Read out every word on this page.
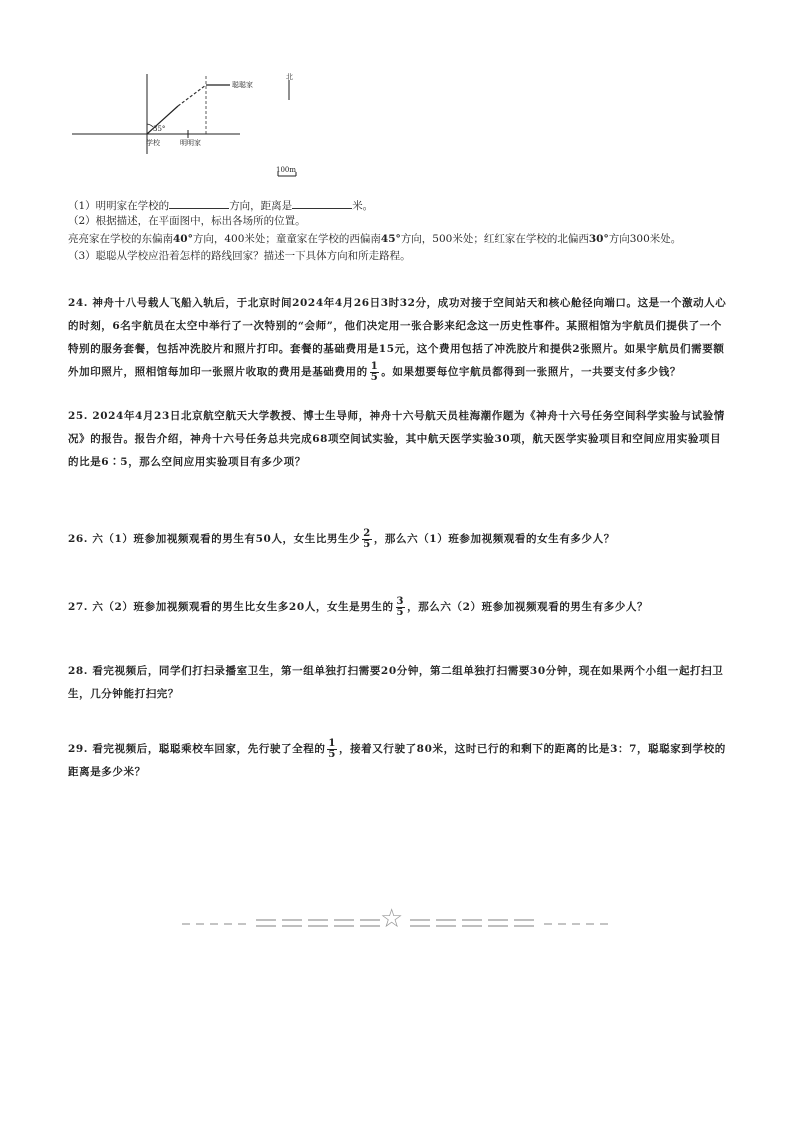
聪聪家
北
35°
学校	明明家
100m
（1）明明家在学校的	方向，距离是	米。
（2）根据描述，在平面图中，标出各场所的位置。
亮亮家在学校的东偏南40°方向，400米处；童童家在学校的西偏南45°方向，500米处；红红家在学校的北偏西30°方向300米处。
（3）聪聪从学校应沿着怎样的路线回家？描述一下具体方向和所走路程。
24. 神舟十八号载人飞船入轨后，于北京时间2024年4月26日3时32分，成功对接于空间站天和核心舱径向端口。这是一个激动人心的时刻，6名宇航员在太空中举行了一次特别的“会师”，他们决定用一张合影来纪念这一历史性事件。某照相馆为宇航员们提供了一个特别的服务套餐，包括冲洗胶片和照片打印。套餐的基础费用是15元，这个费用包括了冲洗胶片和提供2张照片。如果宇航员们需要额外加印照片，照相馆每加印一张照片收取的费用是基础费用的 $\frac{1}{5}$ 。如果想要每位宇航员都得到一张照片，一共要支付多少钱？
25. 2024年4月23日北京航空航天大学教授、博士生导师，神舟十六号航天员桂海潮作题为《神舟十六号任务空间科学实验与试验情况》的报告。报告介绍，神舟十六号任务总共完成68项空间试实验，其中航天医学实验30项，航天医学实验项目和空间应用实验项目的比是6∶5，那么空间应用实验项目有多少项？
26. 六（1）班参加视频观看的男生有50人，女生比男生少 $\frac{2}{5}$ ，那么六（1）班参加视频观看的女生有多少人？
27. 六（2）班参加视频观看的男生比女生多20人，女生是男生的 $\frac{3}{5}$ ，那么六（2）班参加视频观看的男生有多少人？
28. 看完视频后，同学们打扫录播室卫生，第一组单独打扫需要20分钟，第二组单独打扫需要30分钟，现在如果两个小组一起打扫卫生，几分钟能打扫完？
29. 看完视频后，聪聪乘校车回家，先行驶了全程的 $\frac{1}{5}$ ，接着又行驶了80米，这时已行的和剩下的距离的比是3：7，聪聪家到学校的距离是多少米？
☆
